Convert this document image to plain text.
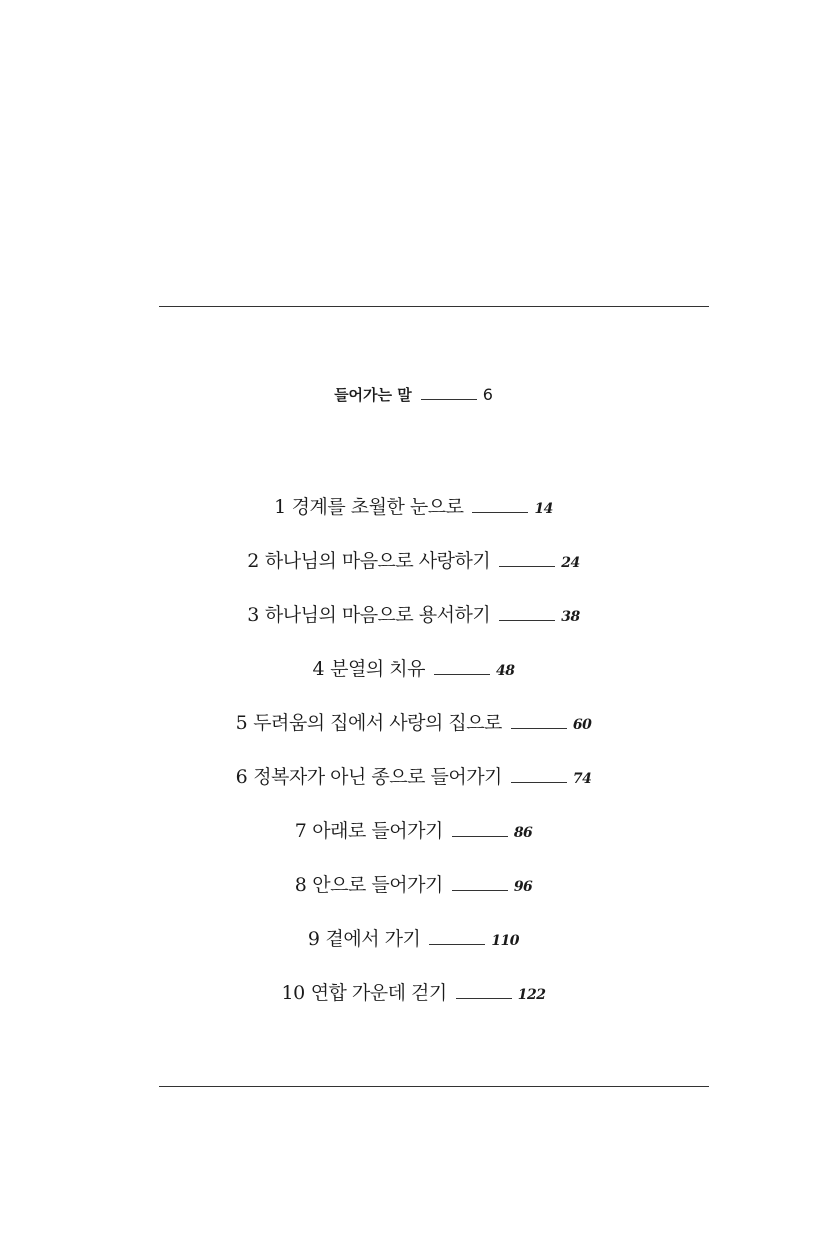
들어가는 말	6
1 경계를 초월한 눈으로	14
2 하나님의 마음으로 사랑하기	24
3 하나님의 마음으로 용서하기	38
4 분열의 치유	48
5 두려움의 집에서 사랑의 집으로	60
6 정복자가 아닌 종으로 들어가기	74
7 아래로 들어가기	86
8 안으로 들어가기	96
9 곁에서 가기	110
10 연합 가운데 걷기	122
